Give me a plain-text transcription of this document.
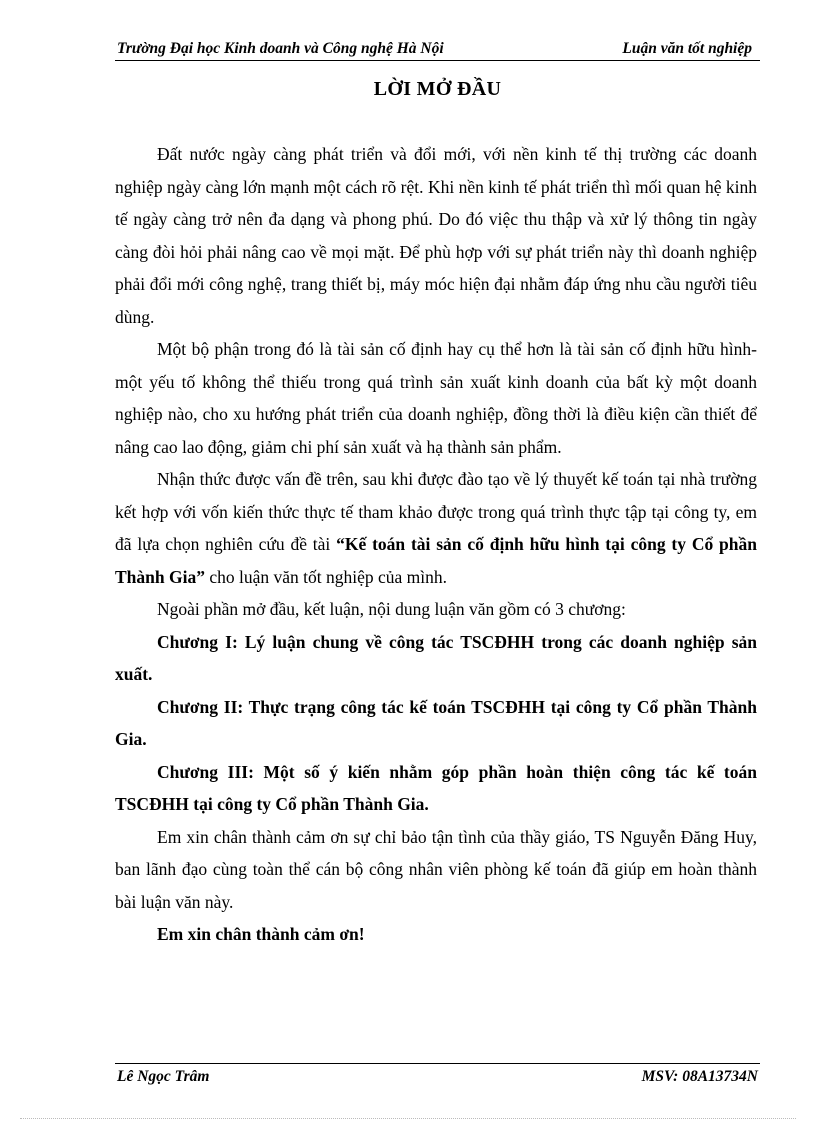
Trường Đại học Kinh doanh và Công nghệ Hà Nội	Luận văn tốt nghiệp
LỜI MỞ ĐẦU

Đất nước ngày càng phát triển và đổi mới, với nền kinh tế thị trường các doanh nghiệp ngày càng lớn mạnh một cách rõ rệt. Khi nền kinh tế phát triển thì mối quan hệ kinh tế ngày càng trở nên đa dạng và phong phú. Do đó việc thu thập và xử lý thông tin ngày càng đòi hỏi phải nâng cao về mọi mặt. Để phù hợp với sự phát triển này thì doanh nghiệp phải đổi mới công nghệ, trang thiết bị, máy móc hiện đại nhằm đáp ứng nhu cầu người tiêu dùng.

Một bộ phận trong đó là tài sản cố định hay cụ thể hơn là tài sản cố định hữu hình- một yếu tố không thể thiếu trong quá trình sản xuất kinh doanh của bất kỳ một doanh nghiệp nào, cho xu hướng phát triển của doanh nghiệp, đồng thời là điều kiện cần thiết để nâng cao lao động, giảm chi phí sản xuất và hạ thành sản phẩm.

Nhận thức được vấn đề trên, sau khi được đào tạo về lý thuyết kế toán tại nhà trường kết hợp với vốn kiến thức thực tế tham khảo được trong quá trình thực tập tại công ty, em đã lựa chọn nghiên cứu đề tài “Kế toán tài sản cố định hữu hình tại công ty Cổ phần Thành Gia” cho luận văn tốt nghiệp của mình.

Ngoài phần mở đầu, kết luận, nội dung luận văn gồm có 3 chương:

Chương I: Lý luận chung về công tác TSCĐHH trong các doanh nghiệp sản xuất.

Chương II: Thực trạng công tác kế toán TSCĐHH tại công ty Cổ phần Thành Gia.

Chương III: Một số ý kiến nhằm góp phần hoàn thiện công tác kế toán TSCĐHH tại công ty Cổ phần Thành Gia.

Em xin chân thành cảm ơn sự chỉ bảo tận tình của thầy giáo, TS Nguyễn Đăng Huy, ban lãnh đạo cùng toàn thể cán bộ công nhân viên phòng kế toán đã giúp em hoàn thành bài luận văn này.

Em xin chân thành cảm ơn!

Lê Ngọc Trâm	MSV: 08A13734N
